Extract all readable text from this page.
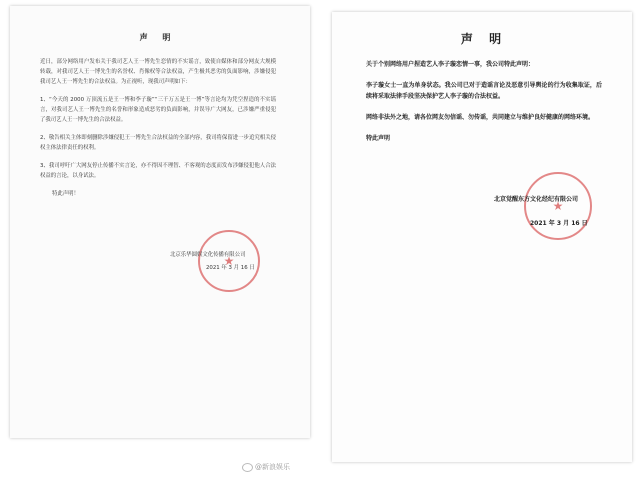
声 明

近日，部分网络用户发布关于我司艺人王一博先生恋情的不实谣言，致使自媒体和部分网友大规模转载，对我司艺人王一博先生的名誉权、肖像权等合法权益，产生极其恶劣的负面影响，涉嫌侵犯我司艺人王一博先生的合法权益。为正视听，现我司声明如下：

1、“今天的 2000 万顶流五是王一博和李子璇”“三千万五是王一博”等言论均为凭空捏造的不实谣言，对我司艺人王一博先生的名誉和形象造成恶劣的负面影响，并误导广大网友，已涉嫌严重侵犯了我司艺人王一博先生的合法权益。

2、敬告相关主体即刻删除涉嫌侵犯王一博先生合法权益的全部内容，我司将保留进一步追究相关侵权主体法律责任的权利。

3、我司呼吁广大网友停止传播不实言论，亦不得因不理智、不客观的态度而发布涉嫌侵犯他人合法权益的言论，以身试法。

特此声明！
★
北京乐华圆娱文化传播有限公司
2021 年 3 月 16 日
声 明

关于个别网络用户捏造艺人李子璇恋情一事，我公司特此声明：

李子璇女士一直为单身状态。我公司已对于造谣言论及恶意引导舆论的行为收集取证，后续将采取法律手段坚决保护艺人李子璇的合法权益。

网络非法外之地，请各位网友勿信谣、勿传谣，共同建立与维护良好健康的网络环境。

特此声明
★
北京觉醒东方文化经纪有限公司
2021 年 3 月 16 日
@新浪娱乐
